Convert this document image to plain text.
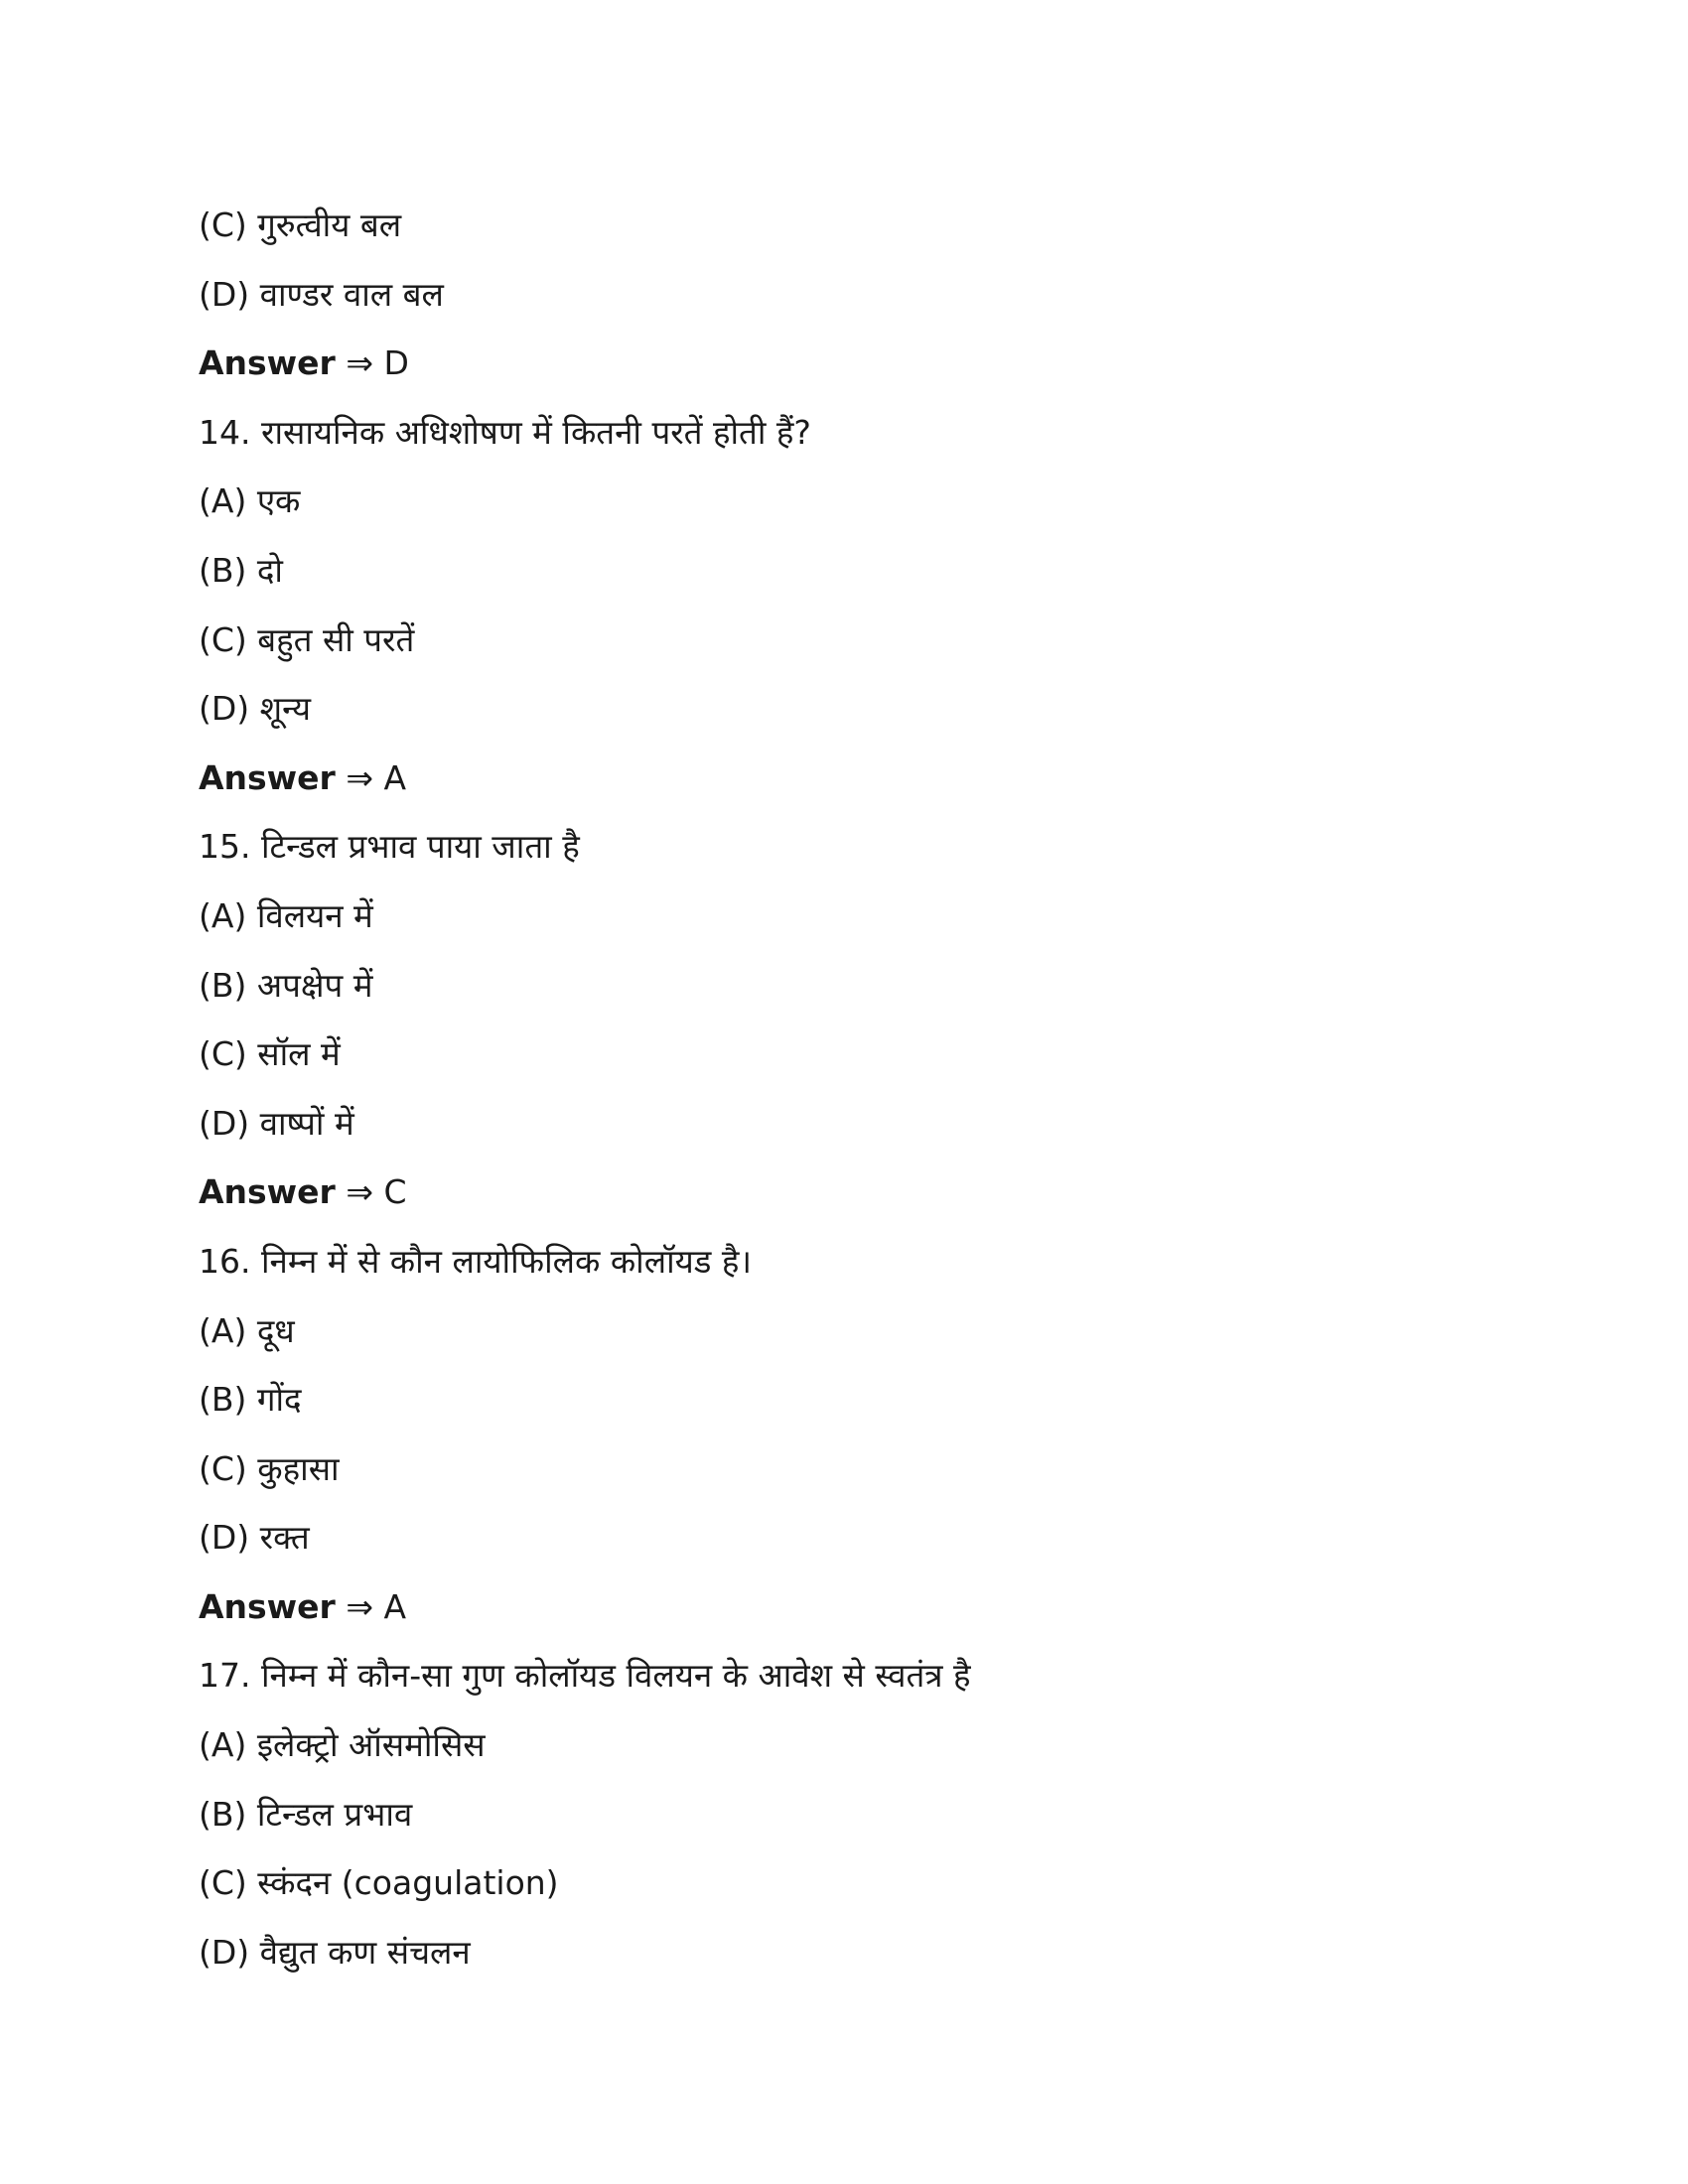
(C) गुरुत्वीय बल
(D) वाण्डर वाल बल
Answer ⇒ D
14. रासायनिक अधिशोषण में कितनी परतें होती हैं?
(A) एक
(B) दो
(C) बहुत सी परतें
(D) शून्य
Answer ⇒ A
15. टिन्डल प्रभाव पाया जाता है
(A) विलयन में
(B) अपक्षेप में
(C) सॉल में
(D) वाष्पों में
Answer ⇒ C
16. निम्न में से कौन लायोफिलिक कोलॉयड है।
(A) दूध
(B) गोंद
(C) कुहासा
(D) रक्त
Answer ⇒ A
17. निम्न में कौन-सा गुण कोलॉयड विलयन के आवेश से स्वतंत्र है
(A) इलेक्ट्रो ऑसमोसिस
(B) टिन्डल प्रभाव
(C) स्कंदन (coagulation)
(D) वैद्युत कण संचलन
